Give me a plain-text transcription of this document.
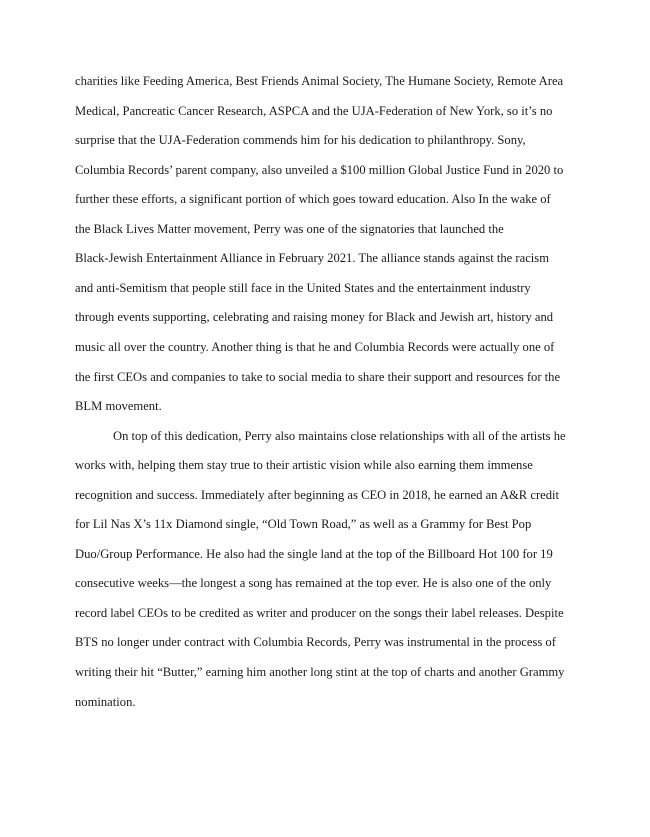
charities like Feeding America, Best Friends Animal Society, The Humane Society, Remote Area

Medical, Pancreatic Cancer Research, ASPCA and the UJA-Federation of New York, so it’s no

surprise that the UJA-Federation commends him for his dedication to philanthropy. Sony,

Columbia Records’ parent company, also unveiled a $100 million Global Justice Fund in 2020 to

further these efforts, a significant portion of which goes toward education. Also In the wake of

the Black Lives Matter movement, Perry was one of the signatories that launched the

Black-Jewish Entertainment Alliance in February 2021. The alliance stands against the racism

and anti-Semitism that people still face in the United States and the entertainment industry

through events supporting, celebrating and raising money for Black and Jewish art, history and

music all over the country. Another thing is that he and Columbia Records were actually one of

the first CEOs and companies to take to social media to share their support and resources for the

BLM movement.

On top of this dedication, Perry also maintains close relationships with all of the artists he

works with, helping them stay true to their artistic vision while also earning them immense

recognition and success. Immediately after beginning as CEO in 2018, he earned an A&R credit

for Lil Nas X’s 11x Diamond single, “Old Town Road,” as well as a Grammy for Best Pop

Duo/Group Performance. He also had the single land at the top of the Billboard Hot 100 for 19

consecutive weeks—the longest a song has remained at the top ever. He is also one of the only

record label CEOs to be credited as writer and producer on the songs their label releases. Despite

BTS no longer under contract with Columbia Records, Perry was instrumental in the process of

writing their hit “Butter,” earning him another long stint at the top of charts and another Grammy

nomination.
